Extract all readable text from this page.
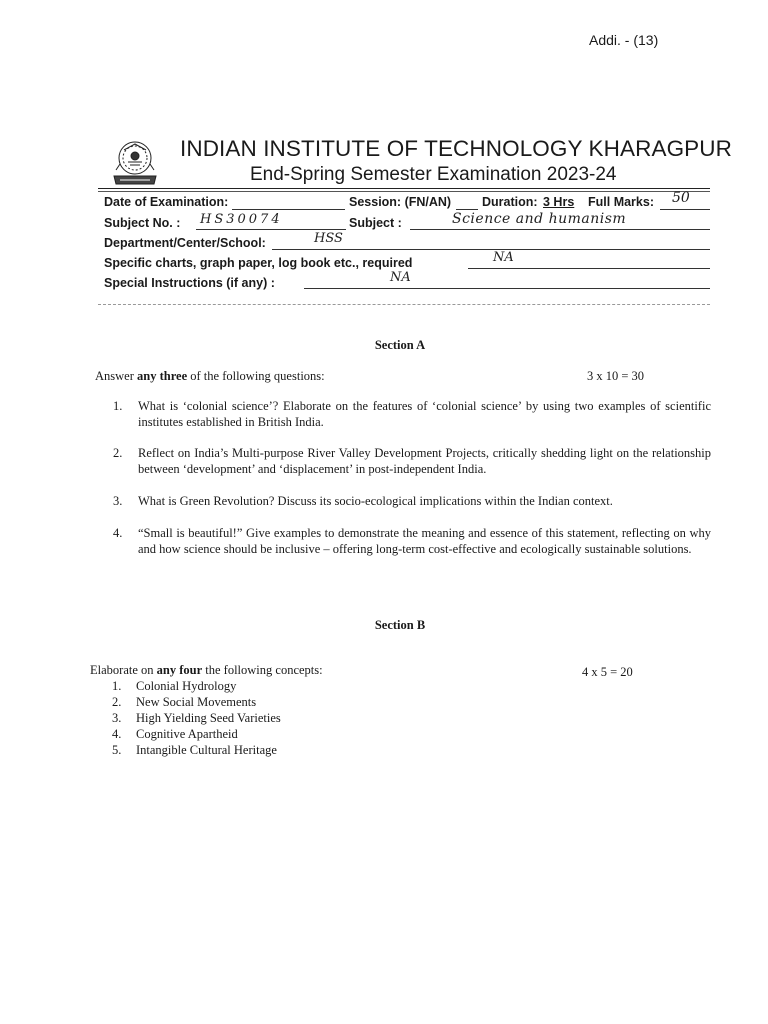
Addi. - (13)
INDIAN INSTITUTE OF TECHNOLOGY KHARAGPUR
End-Spring Semester Examination 2023-24
Date of Examination:	Session: (FN/AN) Duration: 3 Hrs Full Marks: 50
Subject No. : HS30074	Subject :	Science and humanism
Department/Center/School:	HSS
Specific charts, graph paper, log book etc., required	NA
Special Instructions (if any) :	NA
Section A
Answer any three of the following questions:	3 x 10 = 30
1.	What is ‘colonial science’? Elaborate on the features of ‘colonial science’ by using two examples of scientific institutes established in British India.
2.	Reflect on India’s Multi-purpose River Valley Development Projects, critically shedding light on the relationship between ‘development’ and ‘displacement’ in post-independent India.
3.	What is Green Revolution? Discuss its socio-ecological implications within the Indian context.
4.	“Small is beautiful!” Give examples to demonstrate the meaning and essence of this statement, reflecting on why and how science should be inclusive – offering long-term cost-effective and ecologically sustainable solutions.
Section B
Elaborate on any four the following concepts:	4 x 5 = 20
1. Colonial Hydrology
2. New Social Movements
3. High Yielding Seed Varieties
4. Cognitive Apartheid
5. Intangible Cultural Heritage
